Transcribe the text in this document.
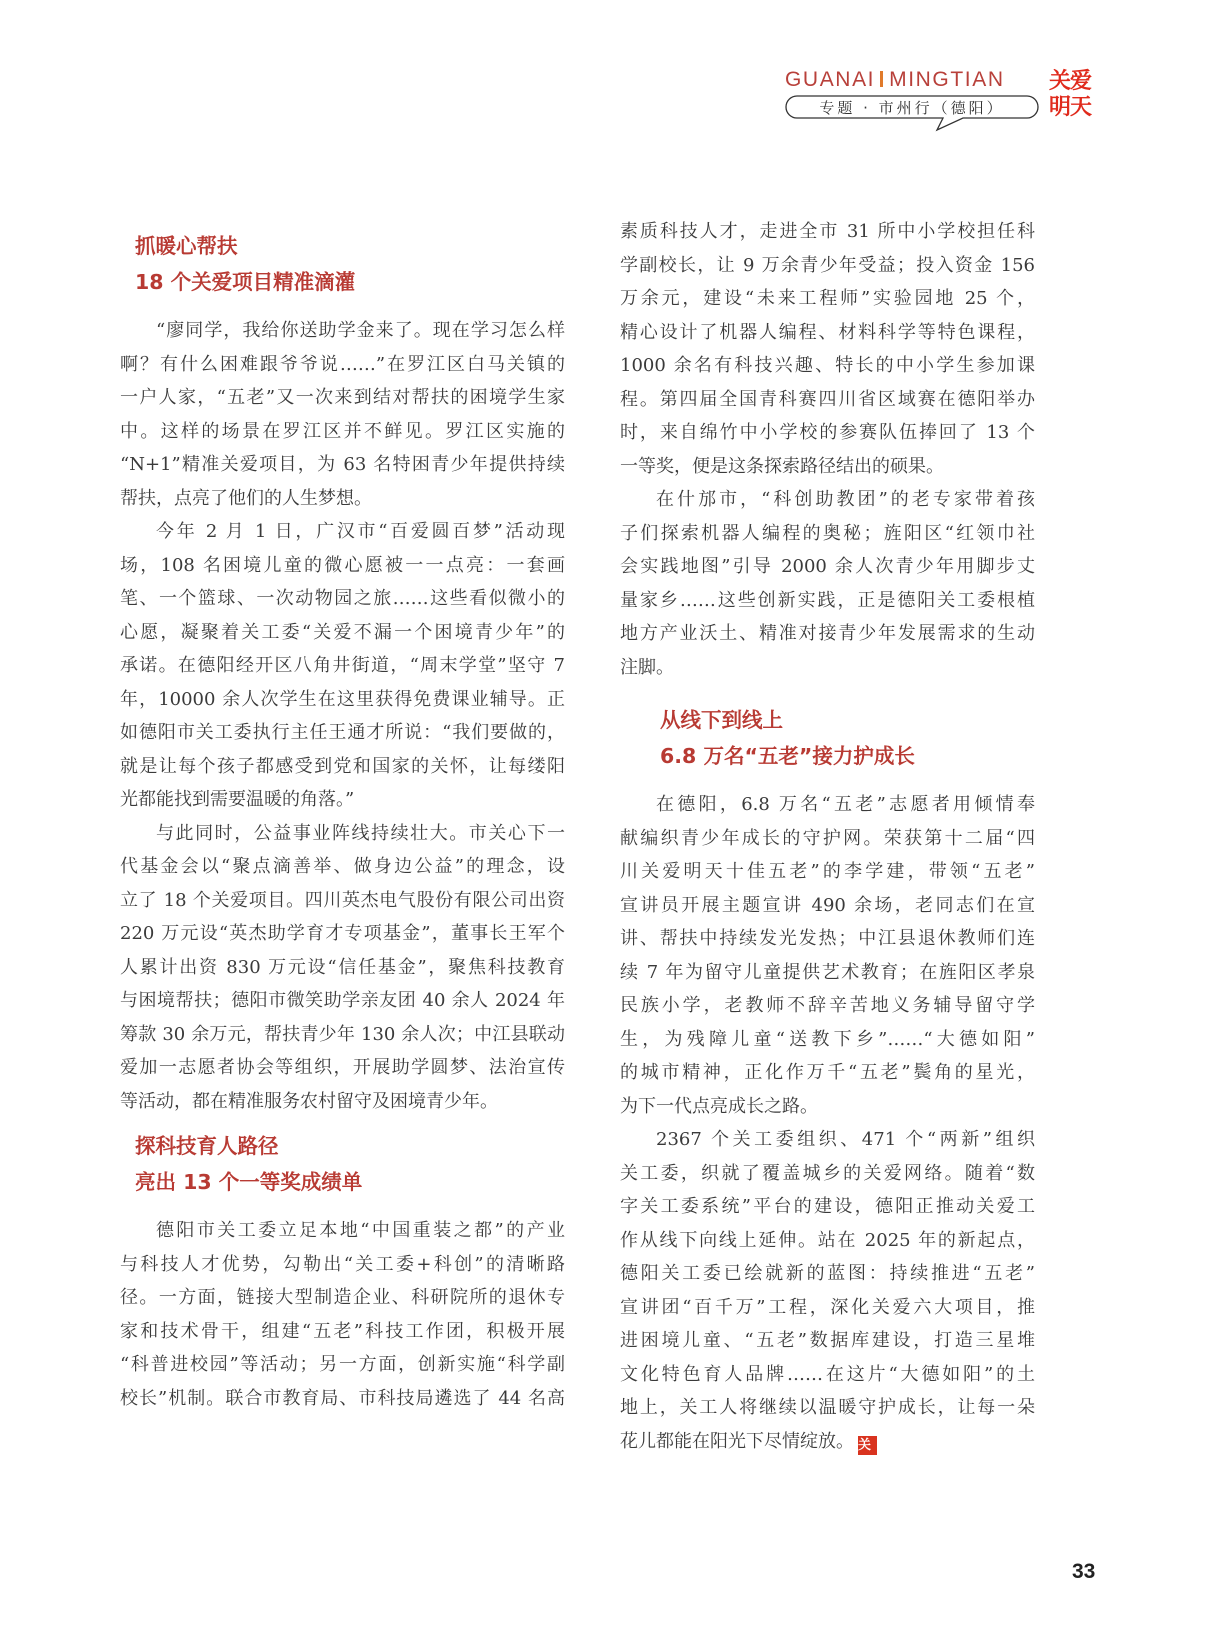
GUANAI MINGTIAN
专题 · 市州行（德阳）
关爱
明天
抓暖心帮扶
18 个关爱项目精准滴灌
“廖同学，我给你送助学金来了。现在学习怎么样
啊？有什么困难跟爷爷说……”在罗江区白马关镇的
一户人家，“五老”又一次来到结对帮扶的困境学生家
中。这样的场景在罗江区并不鲜见。罗江区实施的
“N+1”精准关爱项目，为 63 名特困青少年提供持续
帮扶，点亮了他们的人生梦想。
今年 2 月 1 日，广汉市“百爱圆百梦”活动现
场，108 名困境儿童的微心愿被一一点亮：一套画
笔、一个篮球、一次动物园之旅……这些看似微小的
心愿，凝聚着关工委“关爱不漏一个困境青少年”的
承诺。在德阳经开区八角井街道，“周末学堂”坚守 7
年，10000 余人次学生在这里获得免费课业辅导。正
如德阳市关工委执行主任王通才所说：“我们要做的，
就是让每个孩子都感受到党和国家的关怀，让每缕阳
光都能找到需要温暖的角落。”
与此同时，公益事业阵线持续壮大。市关心下一
代基金会以“聚点滴善举、做身边公益”的理念，设
立了 18 个关爱项目。四川英杰电气股份有限公司出资
220 万元设“英杰助学育才专项基金”，董事长王军个
人累计出资 830 万元设“信任基金”，聚焦科技教育
与困境帮扶；德阳市微笑助学亲友团 40 余人 2024 年
筹款 30 余万元，帮扶青少年 130 余人次；中江县联动
爱加一志愿者协会等组织，开展助学圆梦、法治宣传
等活动，都在精准服务农村留守及困境青少年。
探科技育人路径
亮出 13 个一等奖成绩单
德阳市关工委立足本地“中国重装之都”的产业
与科技人才优势，勾勒出“关工委+科创”的清晰路
径。一方面，链接大型制造企业、科研院所的退休专
家和技术骨干，组建“五老”科技工作团，积极开展
“科普进校园”等活动；另一方面，创新实施“科学副
校长”机制。联合市教育局、市科技局遴选了 44 名高
素质科技人才，走进全市 31 所中小学校担任科
学副校长，让 9 万余青少年受益；投入资金 156
万余元，建设“未来工程师”实验园地 25 个，
精心设计了机器人编程、材料科学等特色课程，
1000 余名有科技兴趣、特长的中小学生参加课
程。第四届全国青科赛四川省区域赛在德阳举办
时，来自绵竹中小学校的参赛队伍捧回了 13 个
一等奖，便是这条探索路径结出的硕果。
在什邡市，“科创助教团”的老专家带着孩
子们探索机器人编程的奥秘；旌阳区“红领巾社
会实践地图”引导 2000 余人次青少年用脚步丈
量家乡……这些创新实践，正是德阳关工委根植
地方产业沃土、精准对接青少年发展需求的生动
注脚。
从线下到线上
6.8 万名“五老”接力护成长
在德阳，6.8 万名“五老”志愿者用倾情奉
献编织青少年成长的守护网。荣获第十二届“四
川关爱明天十佳五老”的李学建，带领“五老”
宣讲员开展主题宣讲 490 余场，老同志们在宣
讲、帮扶中持续发光发热；中江县退休教师们连
续 7 年为留守儿童提供艺术教育；在旌阳区孝泉
民族小学，老教师不辞辛苦地义务辅导留守学
生，为残障儿童“送教下乡”……“大德如阳”
的城市精神，正化作万千“五老”鬓角的星光，
为下一代点亮成长之路。
2367 个关工委组织、471 个“两新”组织
关工委，织就了覆盖城乡的关爱网络。随着“数
字关工委系统”平台的建设，德阳正推动关爱工
作从线下向线上延伸。站在 2025 年的新起点，
德阳关工委已绘就新的蓝图：持续推进“五老”
宣讲团“百千万”工程，深化关爱六大项目，推
进困境儿童、“五老”数据库建设，打造三星堆
文化特色育人品牌……在这片“大德如阳”的土
地上，关工人将继续以温暖守护成长，让每一朵
花儿都能在阳光下尽情绽放。 关
33
